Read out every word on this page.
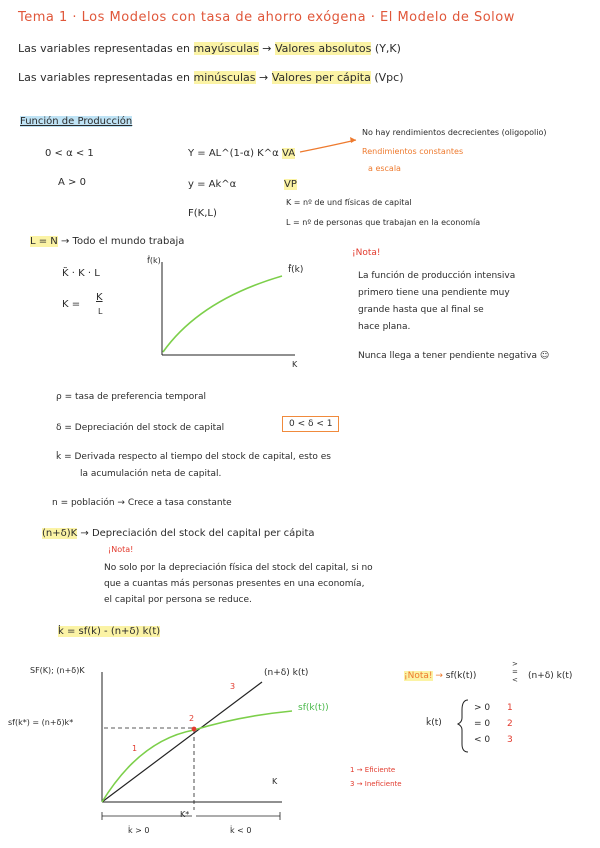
Tema 1 · Los Modelos con tasa de ahorro exógena · El Modelo de Solow
Las variables representadas en mayúsculas → Valores absolutos (Y,K)
Las variables representadas en minúsculas → Valores per cápita (Vpc)
Función de Producción
0 < α < 1
A > 0
Y = AL^(1-α) K^α VA
y = Ak^α	VP
F(K,L)
No hay rendimientos decrecientes (oligopolio)
Rendimientos constantes
a escala
K = nº de und físicas de capital
L = nº de personas que trabajan en la economía
L = N → Todo el mundo trabaja
K̃ · K · L
K =
K
L
f̂(k)
K
f̂(k)
¡Nota!
La función de producción intensiva
primero tiene una pendiente muy
grande hasta que al final se
hace plana.
Nunca llega a tener pendiente negativa ☺
ρ = tasa de preferencia temporal
δ = Depreciación del stock de capital	0 < δ < 1
k̇ = Derivada respecto al tiempo del stock de capital, esto es
la acumulación neta de capital.
n = población → Crece a tasa constante
(n+δ)K → Depreciación del stock del capital per cápita
¡Nota!
No solo por la depreciación física del stock del capital, si no
que a cuantas más personas presentes en una economía,
el capital por persona se reduce.
k̇ = sf(k) - (n+δ) k(t)
SF(K); (n+δ)K
sf(k*) = (n+δ)k*
(n+δ) k(t)
sf(k(t))
K
K*
k̇ > 0	k̇ < 0
1
2
3
1 → Eficiente
3 → Ineficiente
¡Nota! → sf(k(t))
>
=
< (n+δ) k(t)
k̇(t)
> 0 1
= 0 2
< 0 3
